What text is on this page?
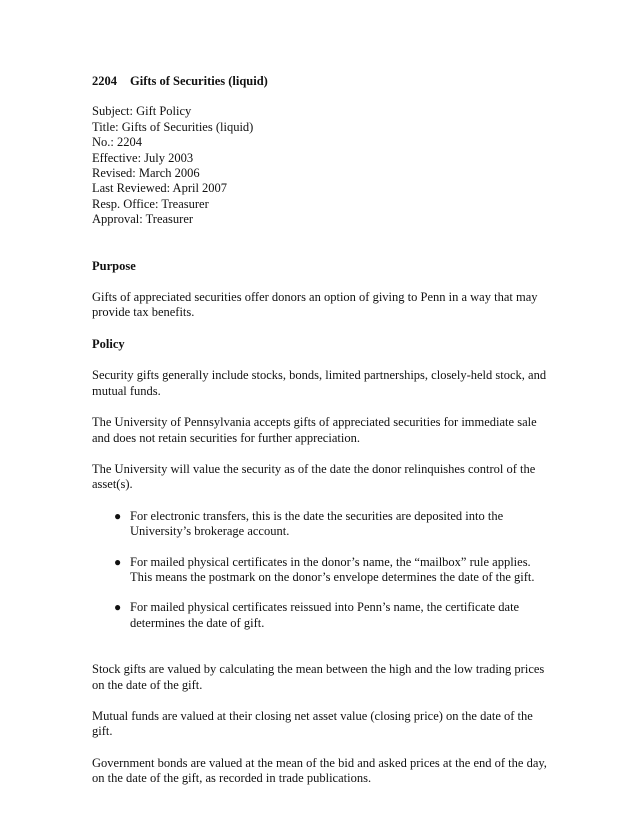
2204 Gifts of Securities (liquid)

Subject: Gift Policy

Title: Gifts of Securities (liquid)

No.: 2204

Effective: July 2003

Revised: March 2006

Last Reviewed: April 2007

Resp. Office: Treasurer

Approval: Treasurer

Purpose

Gifts of appreciated securities offer donors an option of giving to Penn in a way that may provide tax benefits.

Policy

Security gifts generally include stocks, bonds, limited partnerships, closely-held stock, and mutual funds.

The University of Pennsylvania accepts gifts of appreciated securities for immediate sale and does not retain securities for further appreciation.

The University will value the security as of the date the donor relinquishes control of the asset(s).

● For electronic transfers, this is the date the securities are deposited into the University’s brokerage account.
● For mailed physical certificates in the donor’s name, the “mailbox” rule applies. This means the postmark on the donor’s envelope determines the date of the gift.
● For mailed physical certificates reissued into Penn’s name, the certificate date determines the date of gift.

Stock gifts are valued by calculating the mean between the high and the low trading prices on the date of the gift.

Mutual funds are valued at their closing net asset value (closing price) on the date of the gift.

Government bonds are valued at the mean of the bid and asked prices at the end of the day, on the date of the gift, as recorded in trade publications.
